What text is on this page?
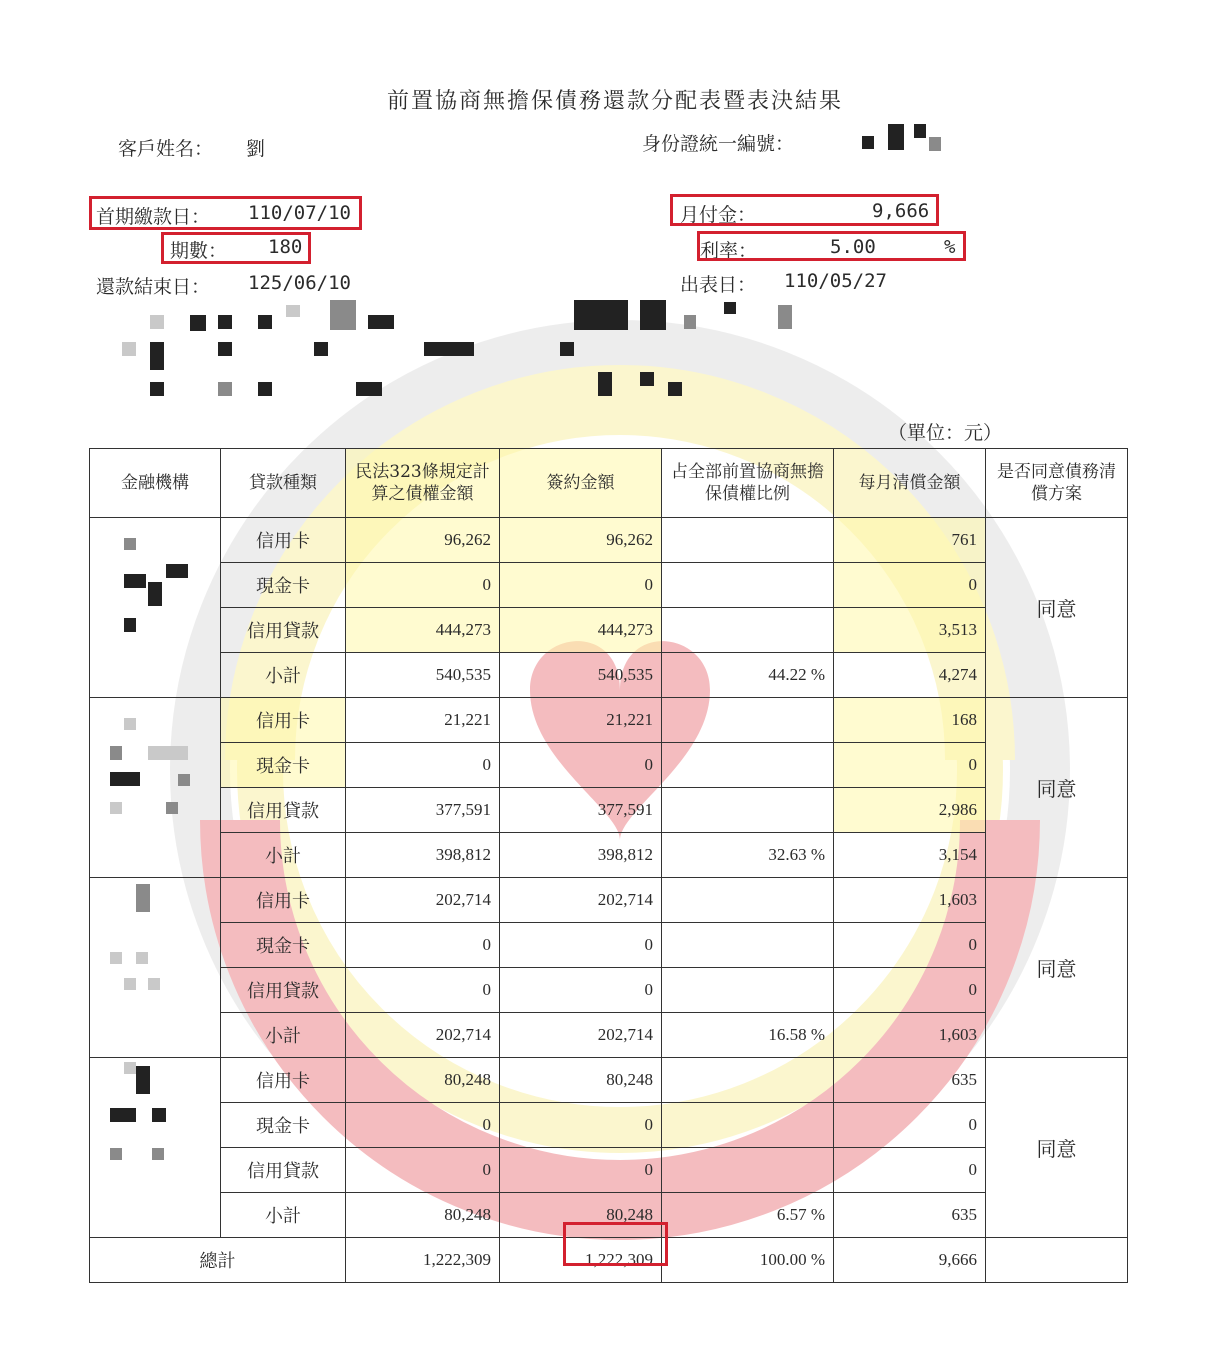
前置協商無擔保債務還款分配表暨表決結果
客戶姓名： 劉	身份證統一編號：
首期繳款日： 110/07/10
期數： 180
還款結束日： 125/06/10
月付金：	9,666
利率：	5.00	%
出表日： 110/05/27
（單位：元）
金融機構	貸款種類	民法323條規定計算之債權金額	簽約金額	占全部前置協商無擔保債權比例	每月清償金額	是否同意債務清償方案

	信用卡	96,262	96,262		761	同意
	現金卡	0	0		0	
	信用貸款	444,273	444,273		3,513	
	小計	540,535	540,535	44.22 %	4,274	

	信用卡	21,221	21,221		168	同意
	現金卡	0	0		0	
	信用貸款	377,591	377,591		2,986	
	小計	398,812	398,812	32.63 %	3,154	

	信用卡	202,714	202,714		1,603	同意
	現金卡	0	0		0	
	信用貸款	0	0		0	
	小計	202,714	202,714	16.58 %	1,603	

	信用卡	80,248	80,248		635	同意
	現金卡	0	0		0	
	信用貸款	0	0		0	
	小計	80,248	80,248	6.57 %	635	
總計		1,222,309	1,222,309	100.00 %	9,666	
